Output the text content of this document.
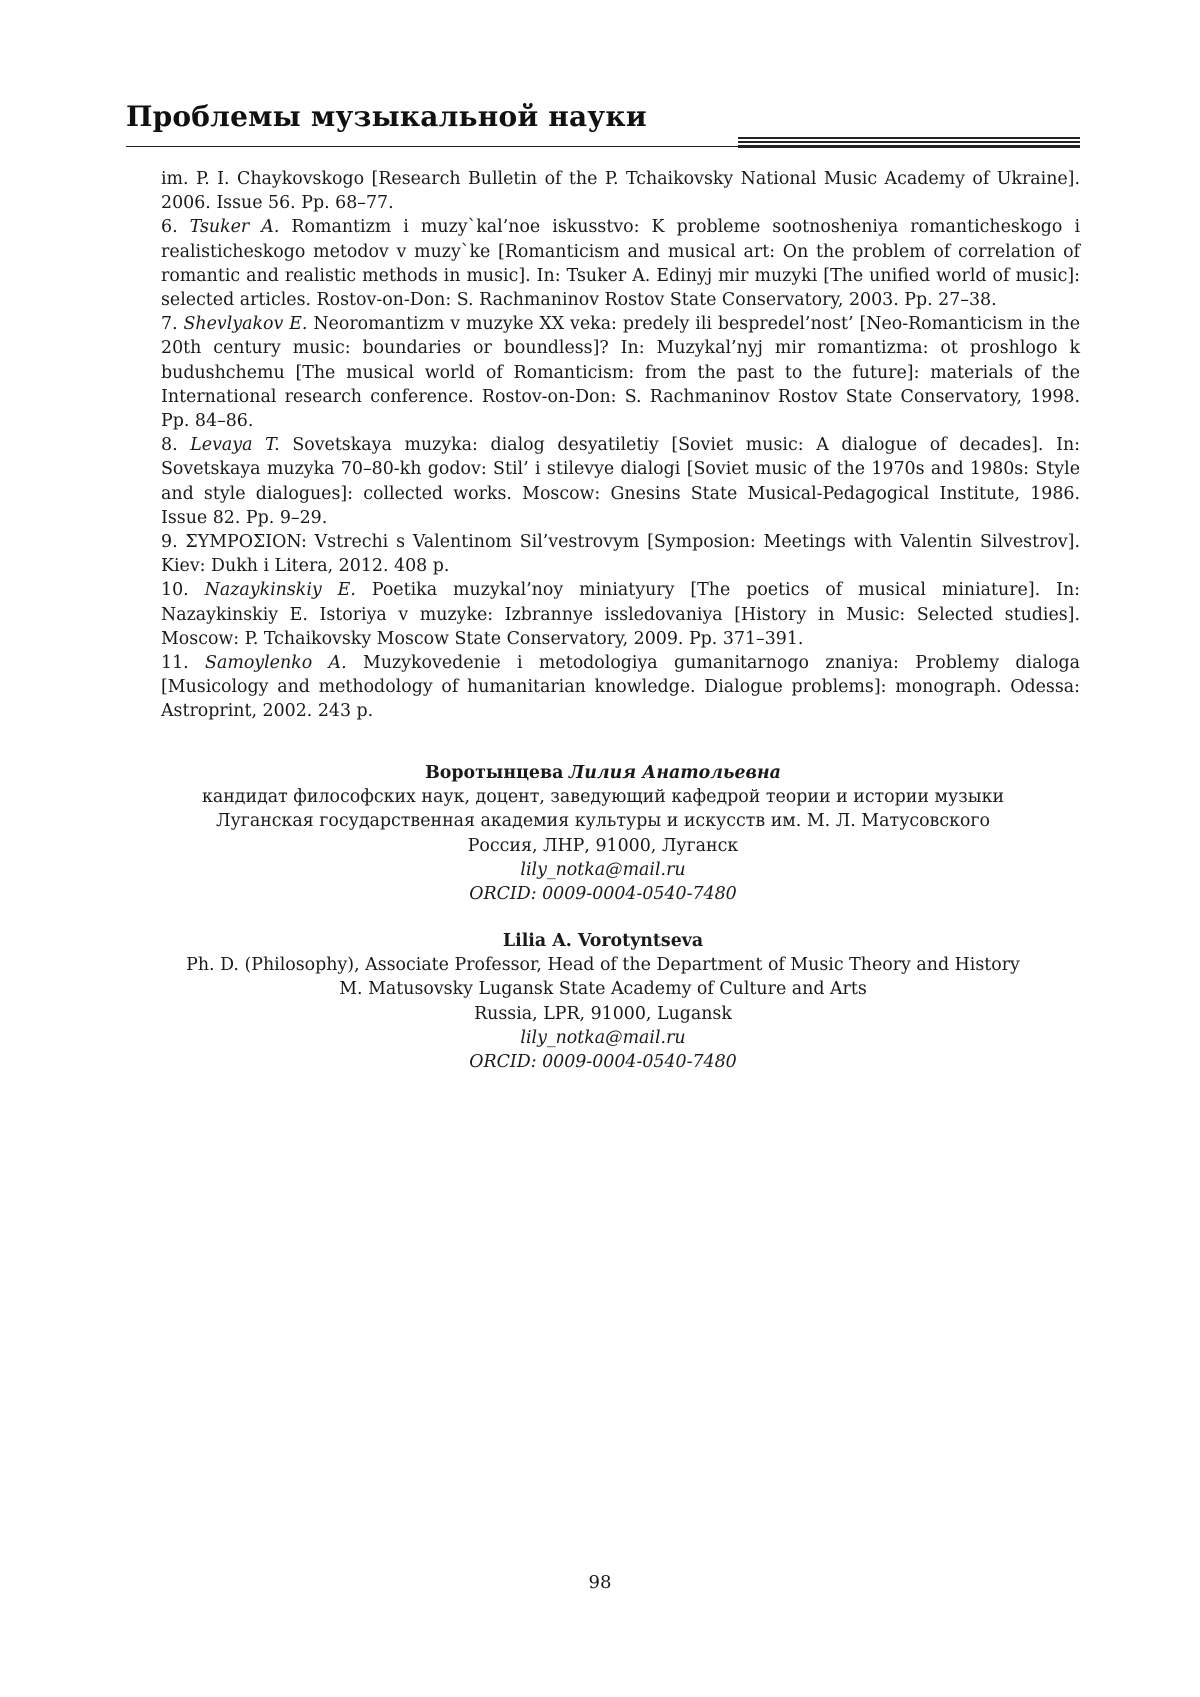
Проблемы музыкальной науки

im. P. I. Chaykovskogo [Research Bulletin of the P. Tchaikovsky National Music Academy of Ukraine]. 2006. Issue 56. Pp. 68–77.

6. Tsuker A. Romantizm i muzy`kal’noe iskusstvo: K probleme sootnosheniya romanticheskogo i realisticheskogo metodov v muzy`ke [Romanticism and musical art: On the problem of correlation of romantic and realistic methods in music]. In: Tsuker A. Edinyj mir muzyki [The unified world of music]: selected articles. Rostov-on-Don: S. Rachmaninov Rostov State Conservatory, 2003. Pp. 27–38.

7. Shevlyakov E. Neoromantizm v muzyke XX veka: predely ili bespredel’nost’ [Neo-Romanticism in the 20th century music: boundaries or boundless]? In: Muzykal’nyj mir romantizma: ot proshlogo k budushchemu [The musical world of Romanticism: from the past to the future]: materials of the International research conference. Rostov-on-Don: S. Rachmaninov Rostov State Conservatory, 1998. Pp. 84–86.

8. Levaya T. Sovetskaya muzyka: dialog desyatiletiy [Soviet music: A dialogue of decades]. In: Sovetskaya muzyka 70–80-kh godov: Stil’ i stilevye dialogi [Soviet music of the 1970s and 1980s: Style and style dialogues]: collected works. Moscow: Gnesins State Musical-Pedagogical Institute, 1986. Issue 82. Pp. 9–29.

9. ΣYMPOΣION: Vstrechi s Valentinom Sil’vestrovym [Symposion: Meetings with Valentin Silvestrov]. Kiev: Dukh i Litera, 2012. 408 p.

10. Nazaykinskiy E. Poetika muzykal’noy miniatyury [The poetics of musical miniature]. In: Nazaykinskiy E. Istoriya v muzyke: Izbrannye issledovaniya [History in Music: Selected studies]. Moscow: P. Tchaikovsky Moscow State Conservatory, 2009. Pp. 371–391.

11. Samoylenko A. Muzykovedenie i metodologiya gumanitarnogo znaniya: Problemy dialoga [Musicology and methodology of humanitarian knowledge. Dialogue problems]: monograph. Odessa: Astroprint, 2002. 243 p.

Воротынцева Лилия Анатольевна
кандидат философских наук, доцент, заведующий кафедрой теории и истории музыки
Луганская государственная академия культуры и искусств им. М. Л. Матусовского
Россия, ЛНР, 91000, Луганск
lily_notka@mail.ru
ORCID: 0009-0004-0540-7480
Lilia A. Vorotyntseva
Ph. D. (Philosophy), Associate Professor, Head of the Department of Music Theory and History
M. Matusovsky Lugansk State Academy of Culture and Arts
Russia, LPR, 91000, Lugansk
lily_notka@mail.ru
ORCID: 0009-0004-0540-7480
98
